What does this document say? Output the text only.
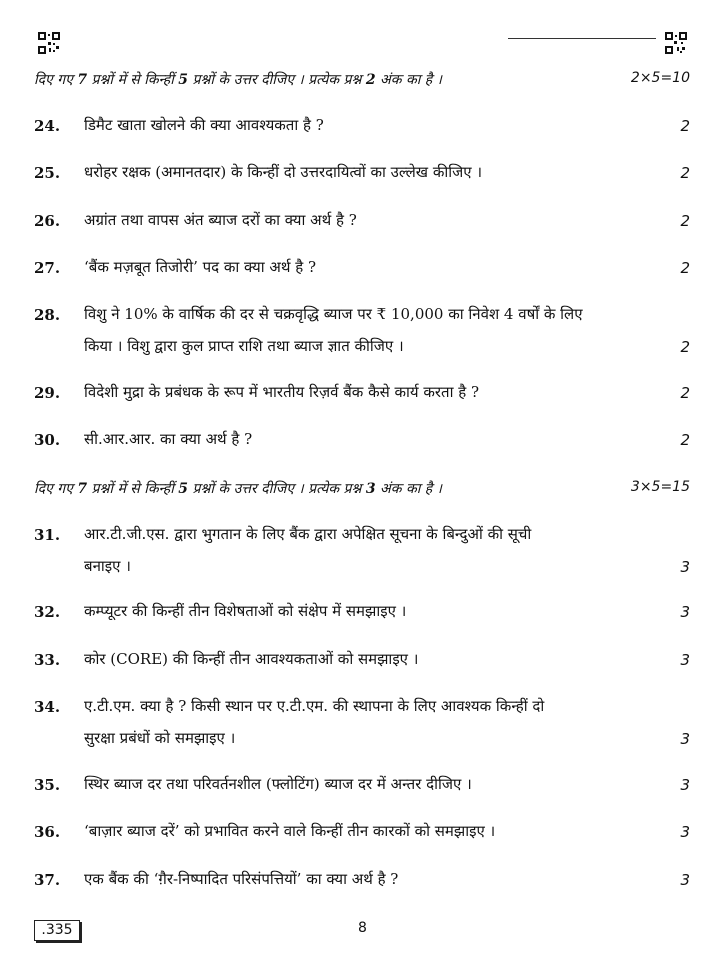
दिए गए 7 प्रश्नों में से किन्हीं 5 प्रश्नों के उत्तर दीजिए । प्रत्येक प्रश्न 2 अंक का है ।	2×5=10
24. डिमैट खाता खोलने की क्या आवश्यकता है ?	2
25. धरोहर रक्षक (अमानतदार) के किन्हीं दो उत्तरदायित्वों का उल्लेख कीजिए ।	2
26. अग्रांत तथा वापस अंत ब्याज दरों का क्या अर्थ है ?	2
27. ‘बैंक मज़बूत तिजोरी’ पद का क्या अर्थ है ?	2
28. विशु ने 10% के वार्षिक की दर से चक्रवृद्धि ब्याज पर ₹ 10,000 का निवेश 4 वर्षों के लिए
किया । विशु द्वारा कुल प्राप्त राशि तथा ब्याज ज्ञात कीजिए ।	2
29. विदेशी मुद्रा के प्रबंधक के रूप में भारतीय रिज़र्व बैंक कैसे कार्य करता है ?	2
30. सी.आर.आर. का क्या अर्थ है ?	2
दिए गए 7 प्रश्नों में से किन्हीं 5 प्रश्नों के उत्तर दीजिए । प्रत्येक प्रश्न 3 अंक का है ।	3×5=15
31. आर.टी.जी.एस. द्वारा भुगतान के लिए बैंक द्वारा अपेक्षित सूचना के बिन्दुओं की सूची
बनाइए ।	3
32. कम्प्यूटर की किन्हीं तीन विशेषताओं को संक्षेप में समझाइए ।	3
33. कोर (CORE) की किन्हीं तीन आवश्यकताओं को समझाइए ।	3
34. ए.टी.एम. क्या है ? किसी स्थान पर ए.टी.एम. की स्थापना के लिए आवश्यक किन्हीं दो
सुरक्षा प्रबंधों को समझाइए ।	3
35. स्थिर ब्याज दर तथा परिवर्तनशील (फ्लोटिंग) ब्याज दर में अन्तर दीजिए ।	3
36. ‘बाज़ार ब्याज दरें’ को प्रभावित करने वाले किन्हीं तीन कारकों को समझाइए ।	3
37. एक बैंक की ‘ग़ैर-निष्पादित परिसंपत्तियों’ का क्या अर्थ है ?	3
.335	8
